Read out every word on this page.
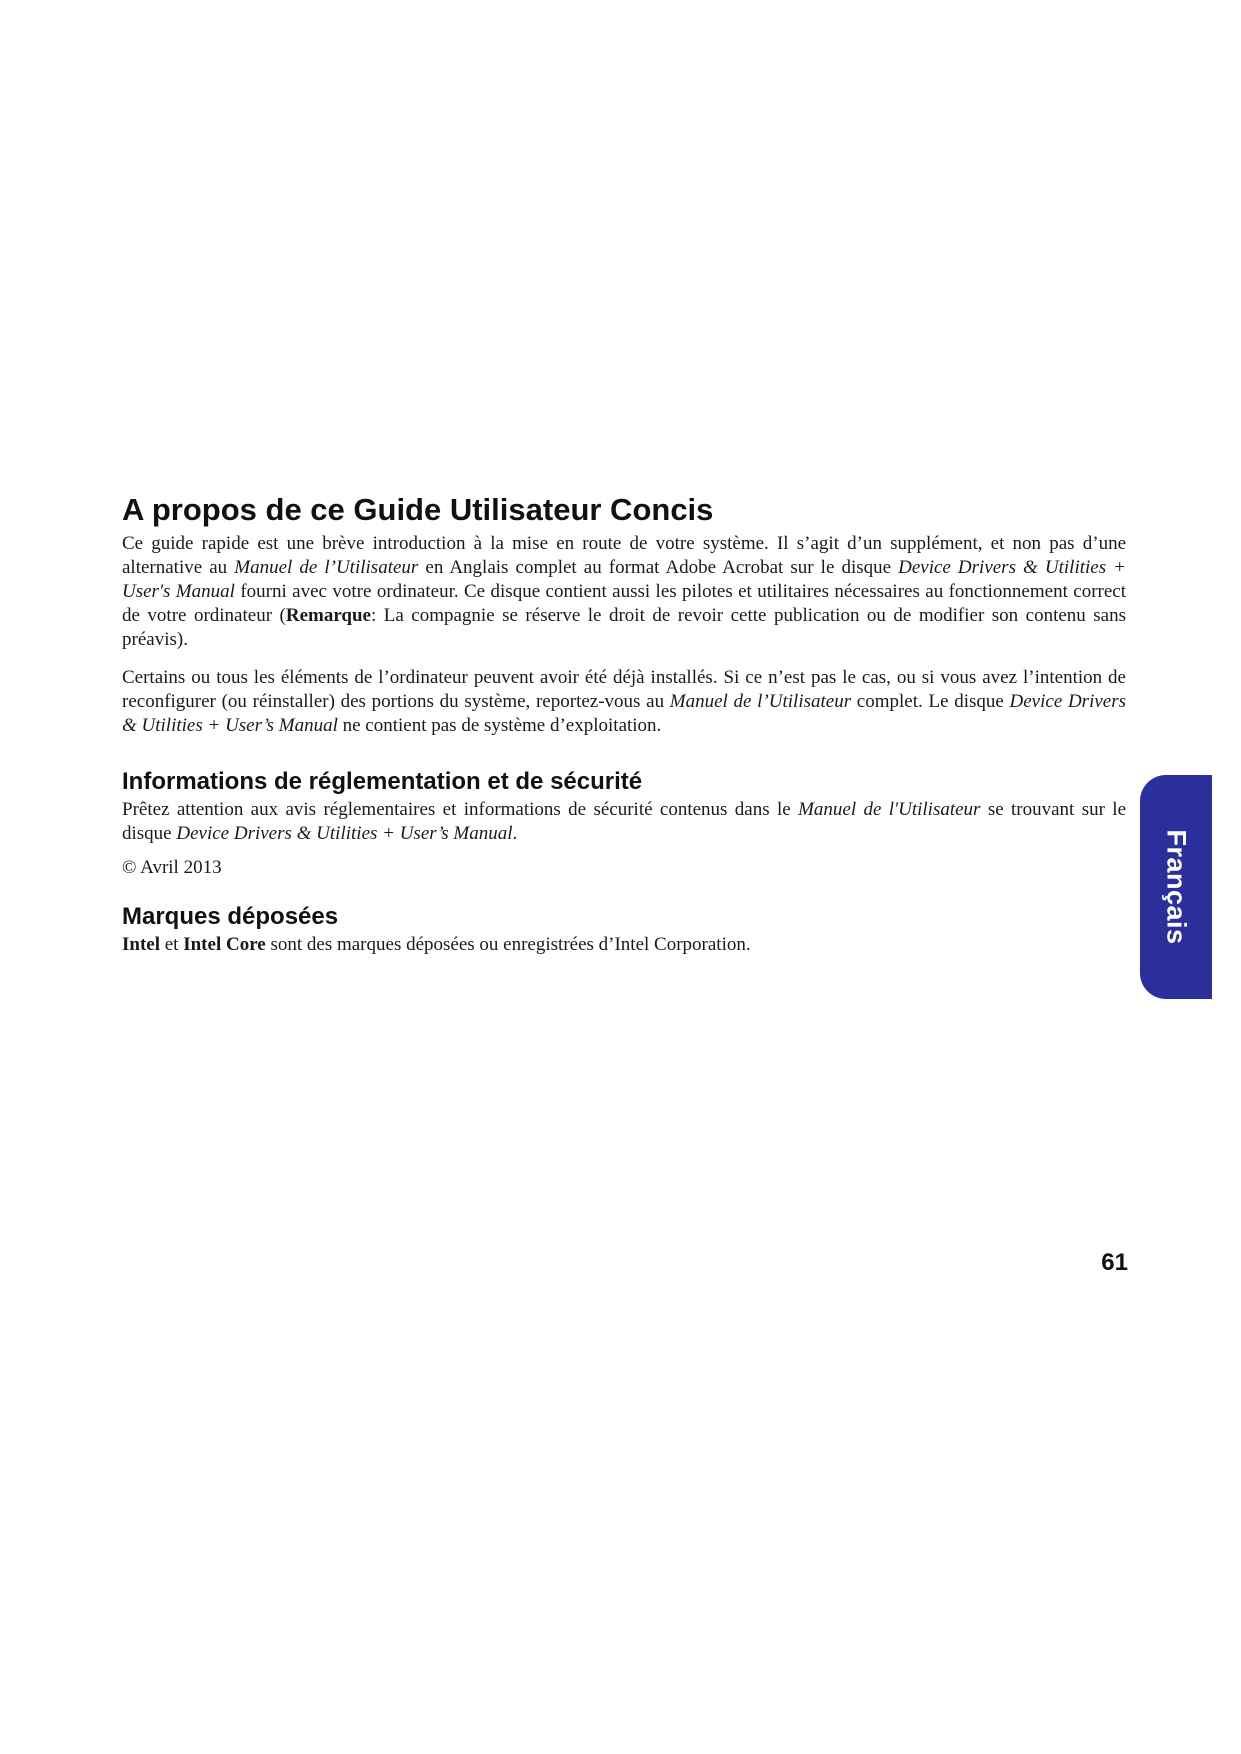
A propos de ce Guide Utilisateur Concis

Ce guide rapide est une brève introduction à la mise en route de votre système. Il s’agit d’un supplément, et non pas d’une alternative au Manuel de l’Utilisateur en Anglais complet au format Adobe Acrobat sur le disque Device Drivers & Utilities + User's Manual fourni avec votre ordinateur. Ce disque contient aussi les pilotes et utilitaires nécessaires au fonctionnement correct de votre ordinateur (Remarque: La compagnie se réserve le droit de revoir cette publication ou de modifier son contenu sans préavis).

Certains ou tous les éléments de l’ordinateur peuvent avoir été déjà installés. Si ce n’est pas le cas, ou si vous avez l’intention de reconfigurer (ou réinstaller) des portions du système, reportez-vous au Manuel de l’Utilisateur complet. Le disque Device Drivers & Utilities + User’s Manual ne contient pas de système d’exploitation.

Informations de réglementation et de sécurité

Prêtez attention aux avis réglementaires et informations de sécurité contenus dans le Manuel de l'Utilisateur se trouvant sur le disque Device Drivers & Utilities + User’s Manual.

© Avril 2013

Marques déposées

Intel et Intel Core sont des marques déposées ou enregistrées d’Intel Corporation.	Français
61
